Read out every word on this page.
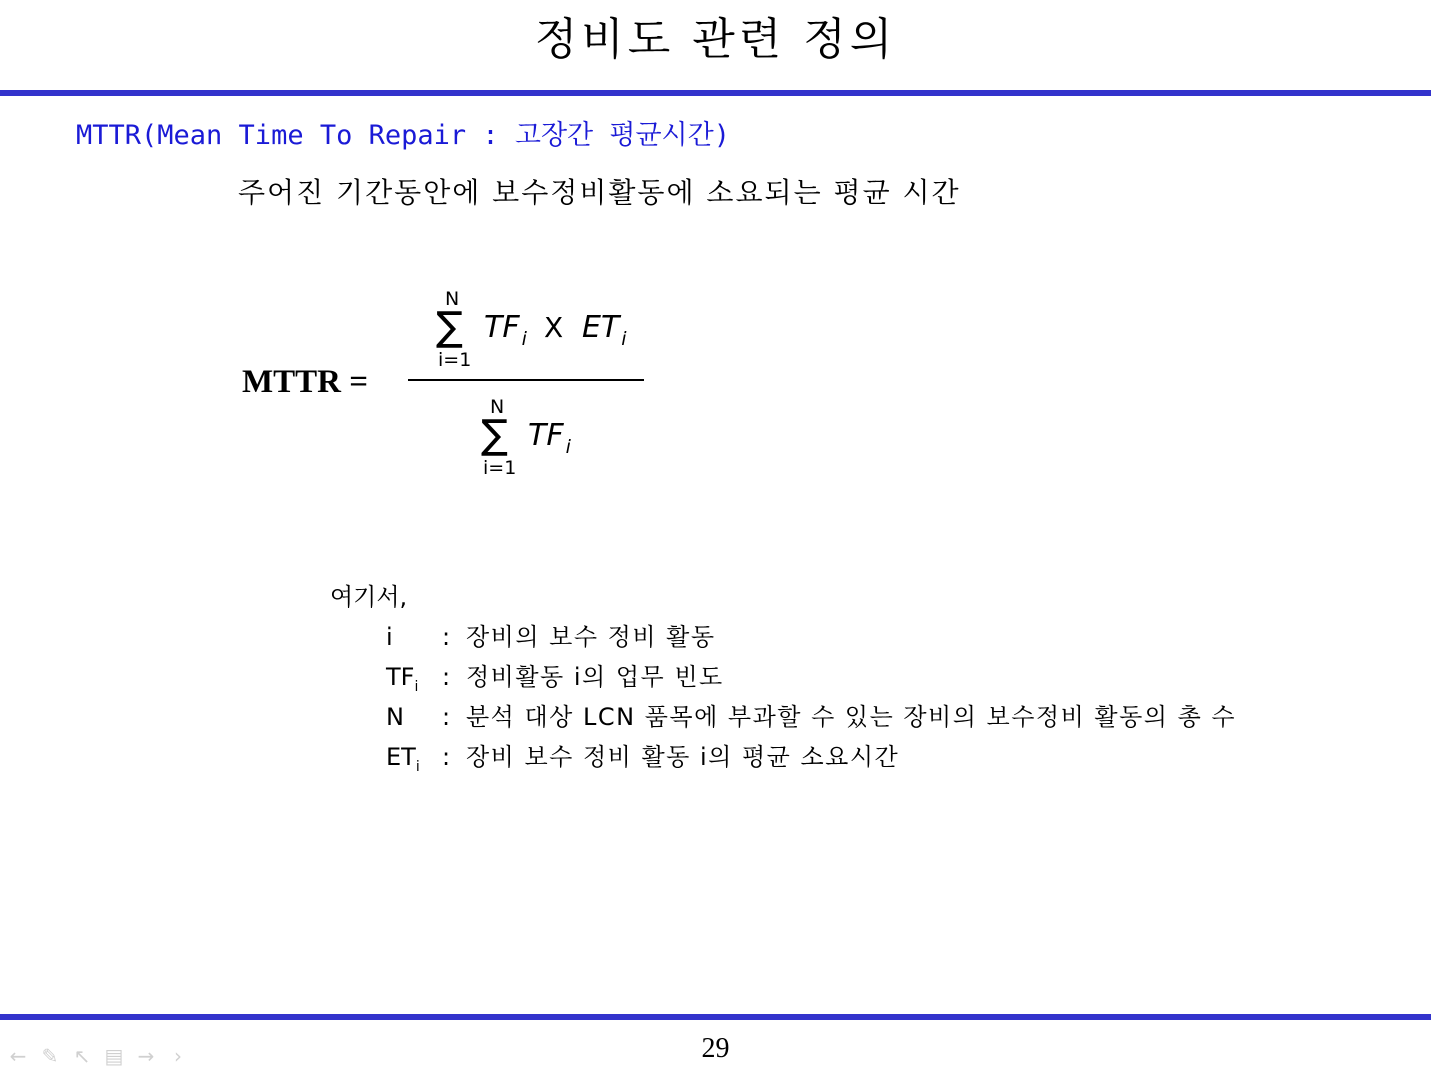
정비도 관련 정의
MTTR(Mean Time To Repair : 고장간 평균시간)
주어진 기간동안에 보수정비활동에 소요되는 평균 시간
MTTR =
N
∑
i=1
TF $_i$ X ET $_i$
N
∑
i=1
TF $_i$
여기서,
i : 장비의 보수 정비 활동
$TF_i$ : 정비활동 i의 업무 빈도
N : 분석 대상 LCN 품목에 부과할 수 있는 장비의 보수정비 활동의 총 수
$ET_i$ : 장비 보수 정비 활동 i의 평균 소요시간
29
← ✎ ↖ ▤ → ›
